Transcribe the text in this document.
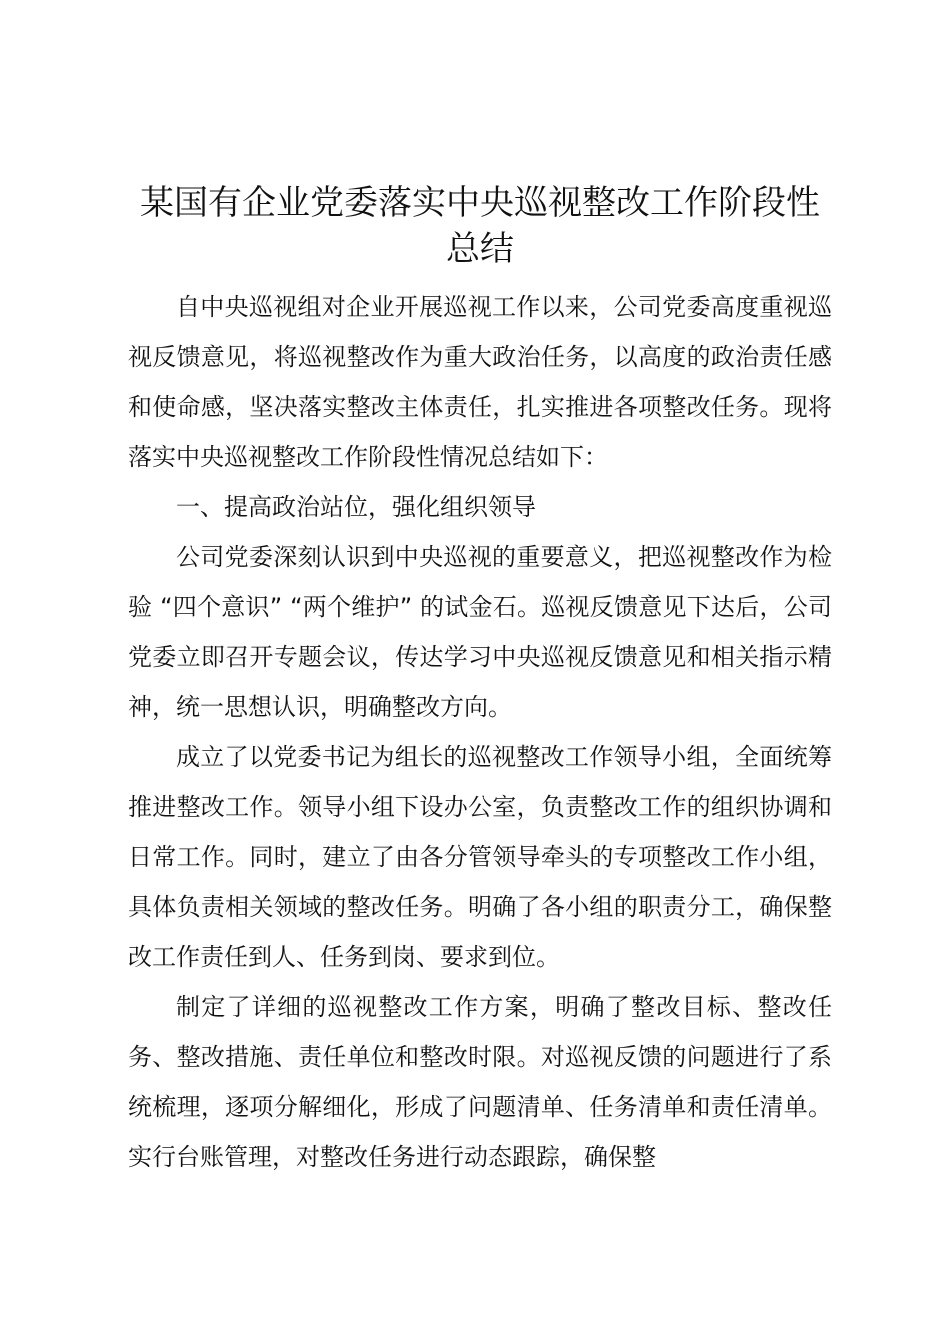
某国有企业党委落实中央巡视整改工作阶段性
总结

自中央巡视组对企业开展巡视工作以来，公司党委高度重视巡视反馈意见，将巡视整改作为重大政治任务，以高度的政治责任感和使命感，坚决落实整改主体责任，扎实推进各项整改任务。现将落实中央巡视整改工作阶段性情况总结如下：

一、提高政治站位，强化组织领导

公司党委深刻认识到中央巡视的重要意义，把巡视整改作为检验 “四个意识” “两个维护” 的试金石。巡视反馈意见下达后，公司党委立即召开专题会议，传达学习中央巡视反馈意见和相关指示精神，统一思想认识，明确整改方向。

成立了以党委书记为组长的巡视整改工作领导小组，全面统筹推进整改工作。领导小组下设办公室，负责整改工作的组织协调和日常工作。同时，建立了由各分管领导牵头的专项整改工作小组，具体负责相关领域的整改任务。明确了各小组的职责分工，确保整改工作责任到人、任务到岗、要求到位。

制定了详细的巡视整改工作方案，明确了整改目标、整改任务、整改措施、责任单位和整改时限。对巡视反馈的问题进行了系统梳理，逐项分解细化，形成了问题清单、任务清单和责任清单。实行台账管理，对整改任务进行动态跟踪，确保整
